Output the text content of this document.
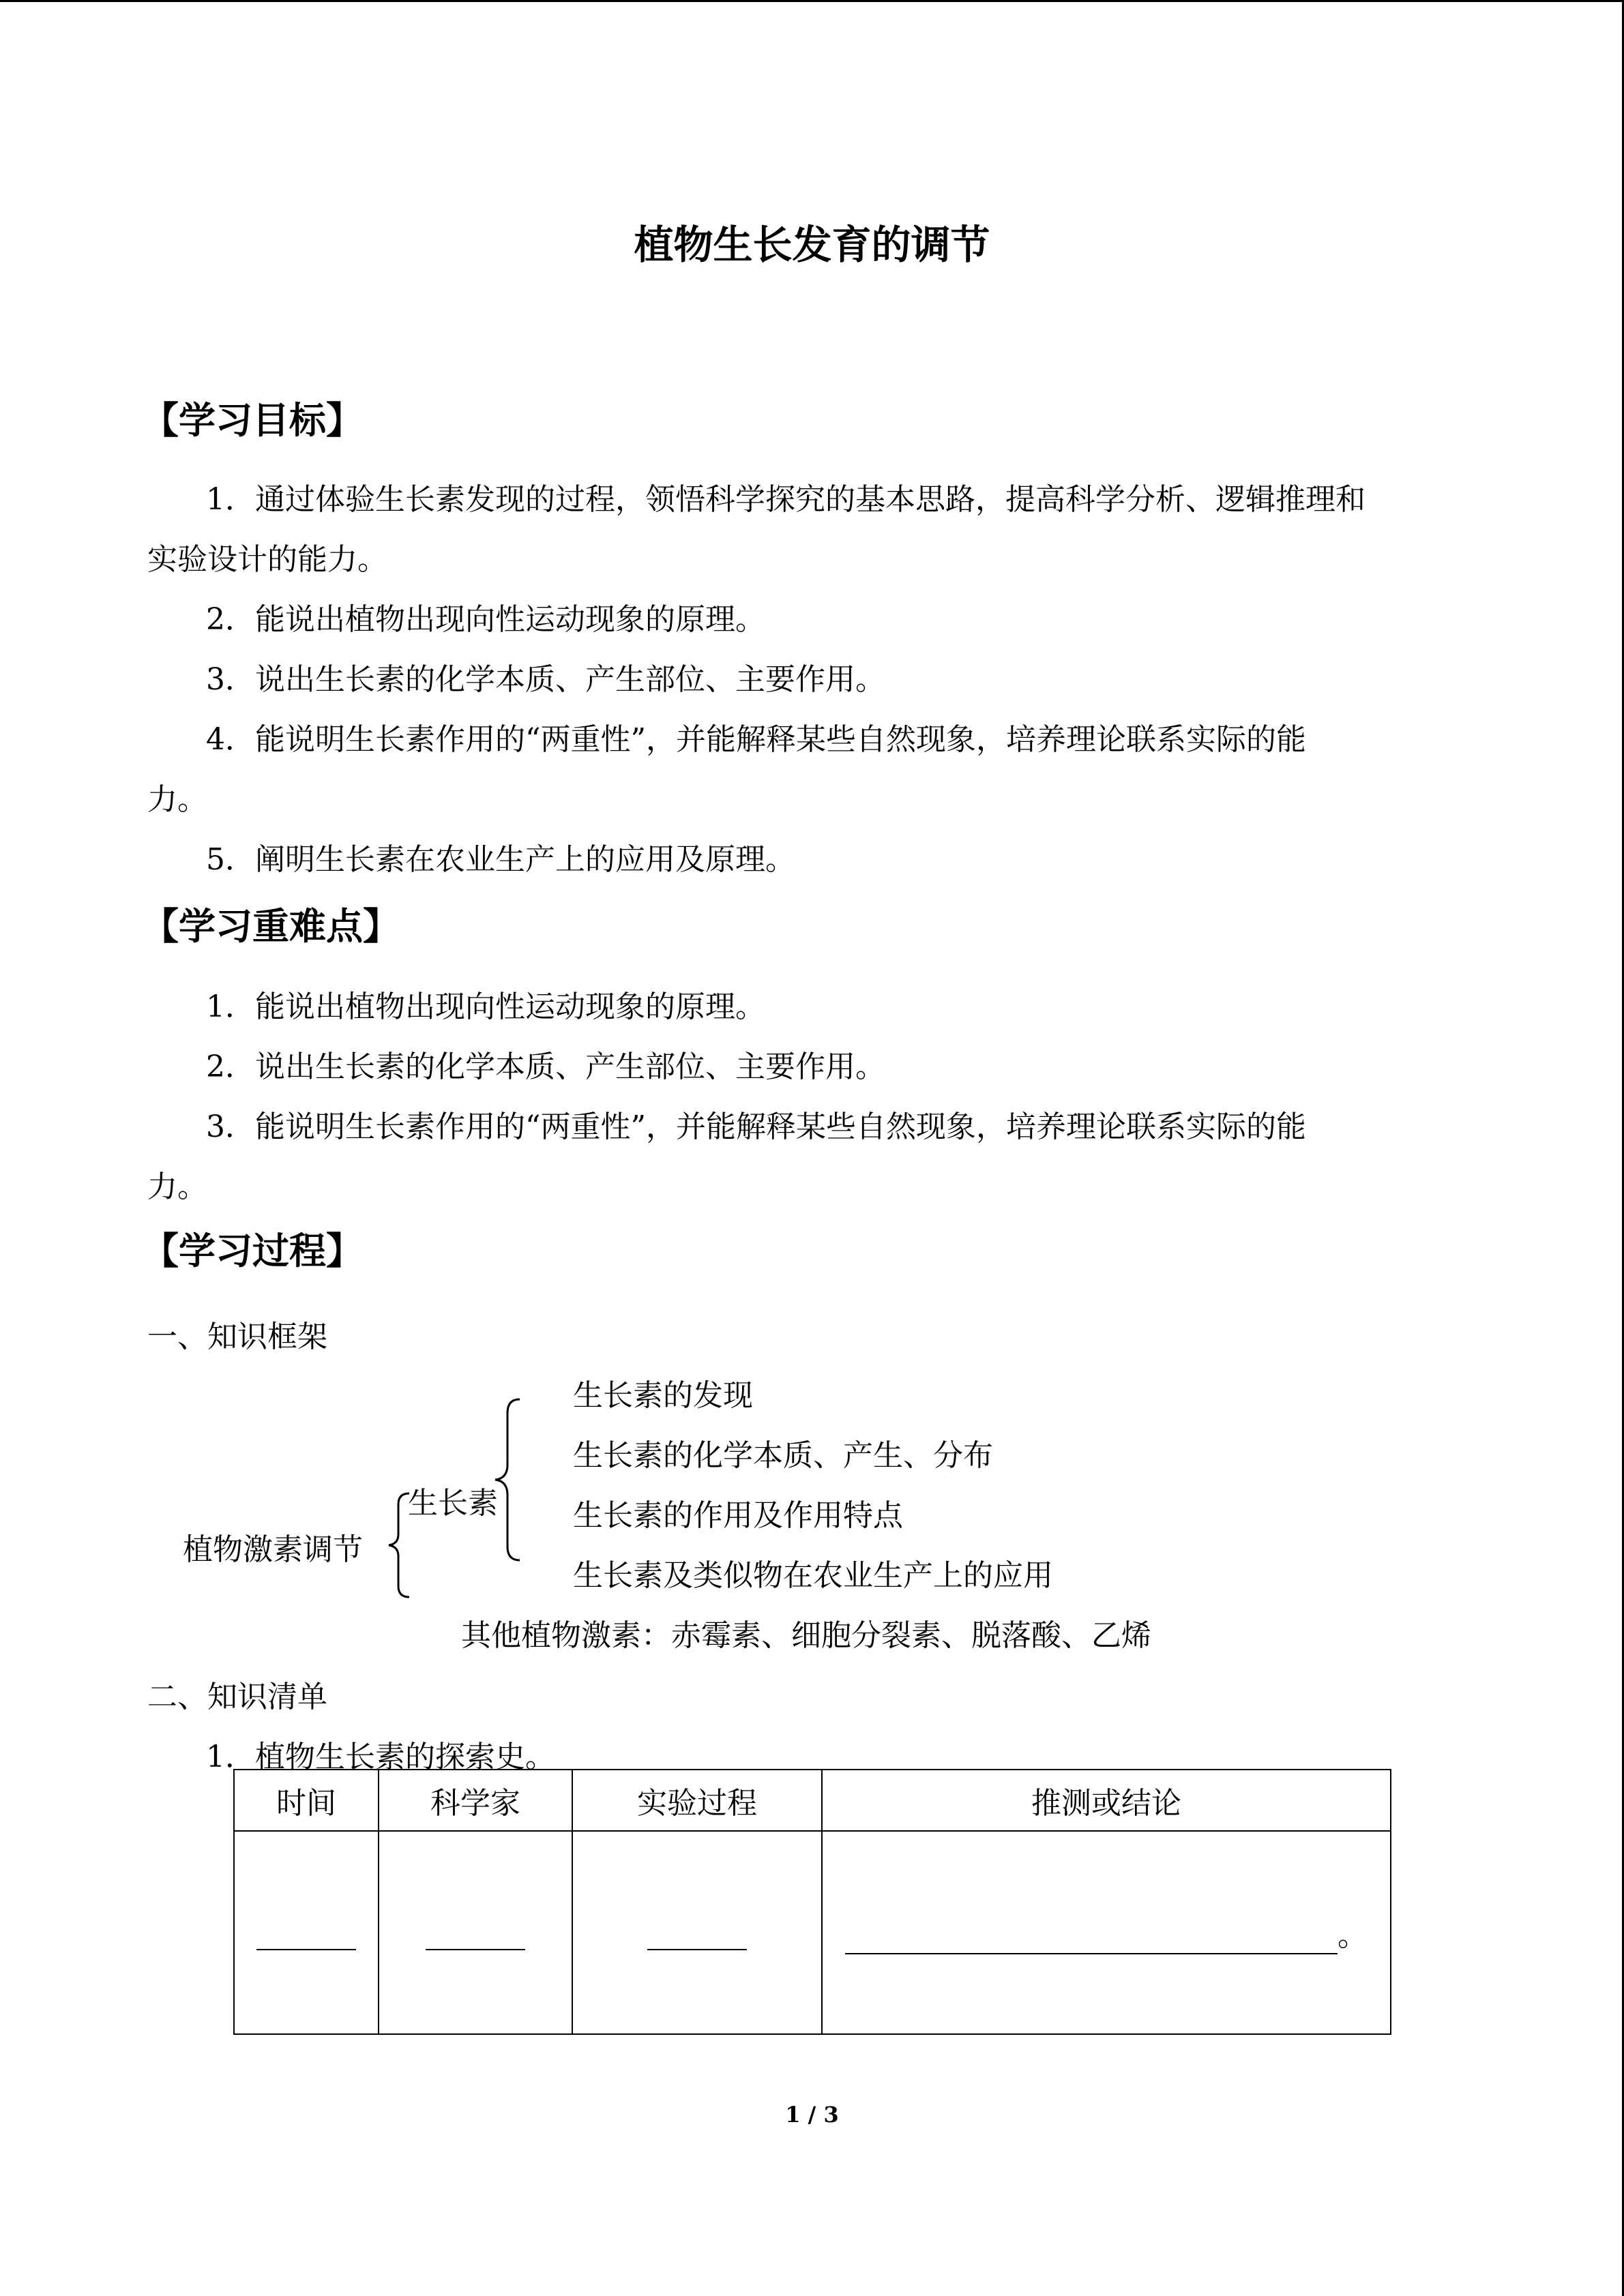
植物生长发育的调节
【学习目标】
1．通过体验生长素发现的过程，领悟科学探究的基本思路，提高科学分析、逻辑推理和
实验设计的能力。
2．能说出植物出现向性运动现象的原理。
3．说出生长素的化学本质、产生部位、主要作用。
4．能说明生长素作用的“两重性”，并能解释某些自然现象，培养理论联系实际的能
力。
5．阐明生长素在农业生产上的应用及原理。
【学习重难点】
1．能说出植物出现向性运动现象的原理。
2．说出生长素的化学本质、产生部位、主要作用。
3．能说明生长素作用的“两重性”，并能解释某些自然现象，培养理论联系实际的能
力。
【学习过程】
一、知识框架
生长素的发现
生长素的化学本质、产生、分布
生长素的作用及作用特点
生长素及类似物在农业生产上的应用
生长素
植物激素调节
其他植物激素：赤霉素、细胞分裂素、脱落酸、乙烯
二、知识清单
1．植物生长素的探索史。
时间	科学家	实验过程	推测或结论
			。
1 / 3
